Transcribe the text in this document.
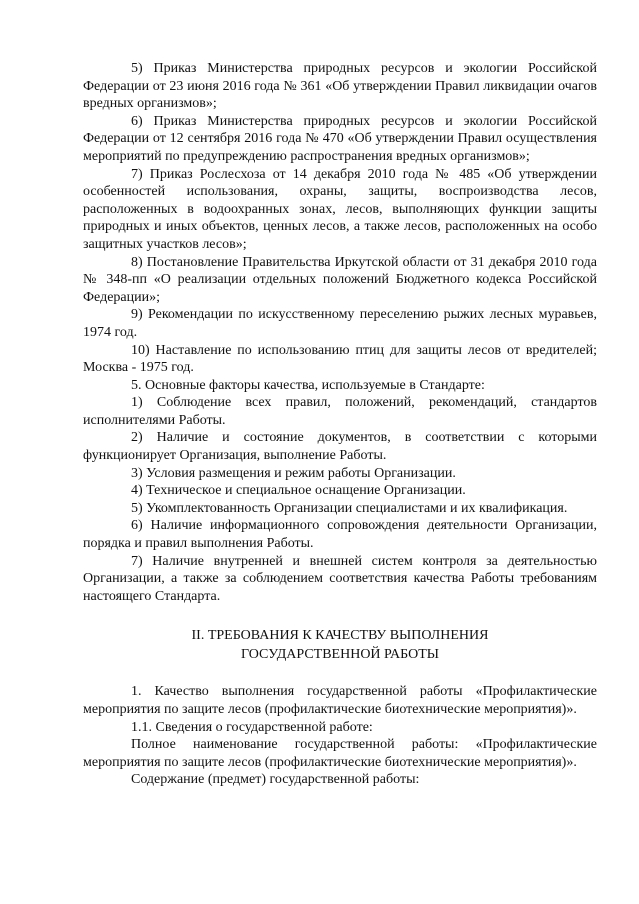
5) Приказ Министерства природных ресурсов и экологии Российской Федерации от 23 июня 2016 года № 361 «Об утверждении Правил ликвидации очагов вредных организмов»;

6) Приказ Министерства природных ресурсов и экологии Российской Федерации от 12 сентября 2016 года № 470 «Об утверждении Правил осуществления мероприятий по предупреждению распространения вредных организмов»;

7) Приказ Рослесхоза от 14 декабря 2010 года № 485 «Об утверждении особенностей использования, охраны, защиты, воспроизводства лесов, расположенных в водоохранных зонах, лесов, выполняющих функции защиты природных и иных объектов, ценных лесов, а также лесов, расположенных на особо защитных участков лесов»;

8) Постановление Правительства Иркутской области от 31 декабря 2010 года № 348-пп «О реализации отдельных положений Бюджетного кодекса Российской Федерации»;

9) Рекомендации по искусственному переселению рыжих лесных муравьев, 1974 год.

10) Наставление по использованию птиц для защиты лесов от вредителей; Москва - 1975 год.

5. Основные факторы качества, используемые в Стандарте:

1) Соблюдение всех правил, положений, рекомендаций, стандартов исполнителями Работы.

2) Наличие и состояние документов, в соответствии с которыми функционирует Организация, выполнение Работы.

3) Условия размещения и режим работы Организации.

4) Техническое и специальное оснащение Организации.

5) Укомплектованность Организации специалистами и их квалификация.

6) Наличие информационного сопровождения деятельности Организации, порядка и правил выполнения Работы.

7) Наличие внутренней и внешней систем контроля за деятельностью Организации, а также за соблюдением соответствия качества Работы требованиям настоящего Стандарта.

II. ТРЕБОВАНИЯ К КАЧЕСТВУ ВЫПОЛНЕНИЯ
ГОСУДАРСТВЕННОЙ РАБОТЫ

1. Качество выполнения государственной работы «Профилактические мероприятия по защите лесов (профилактические биотехнические мероприятия)».

1.1. Сведения о государственной работе:

Полное наименование государственной работы: «Профилактические мероприятия по защите лесов (профилактические биотехнические мероприятия)».

Содержание (предмет) государственной работы:
